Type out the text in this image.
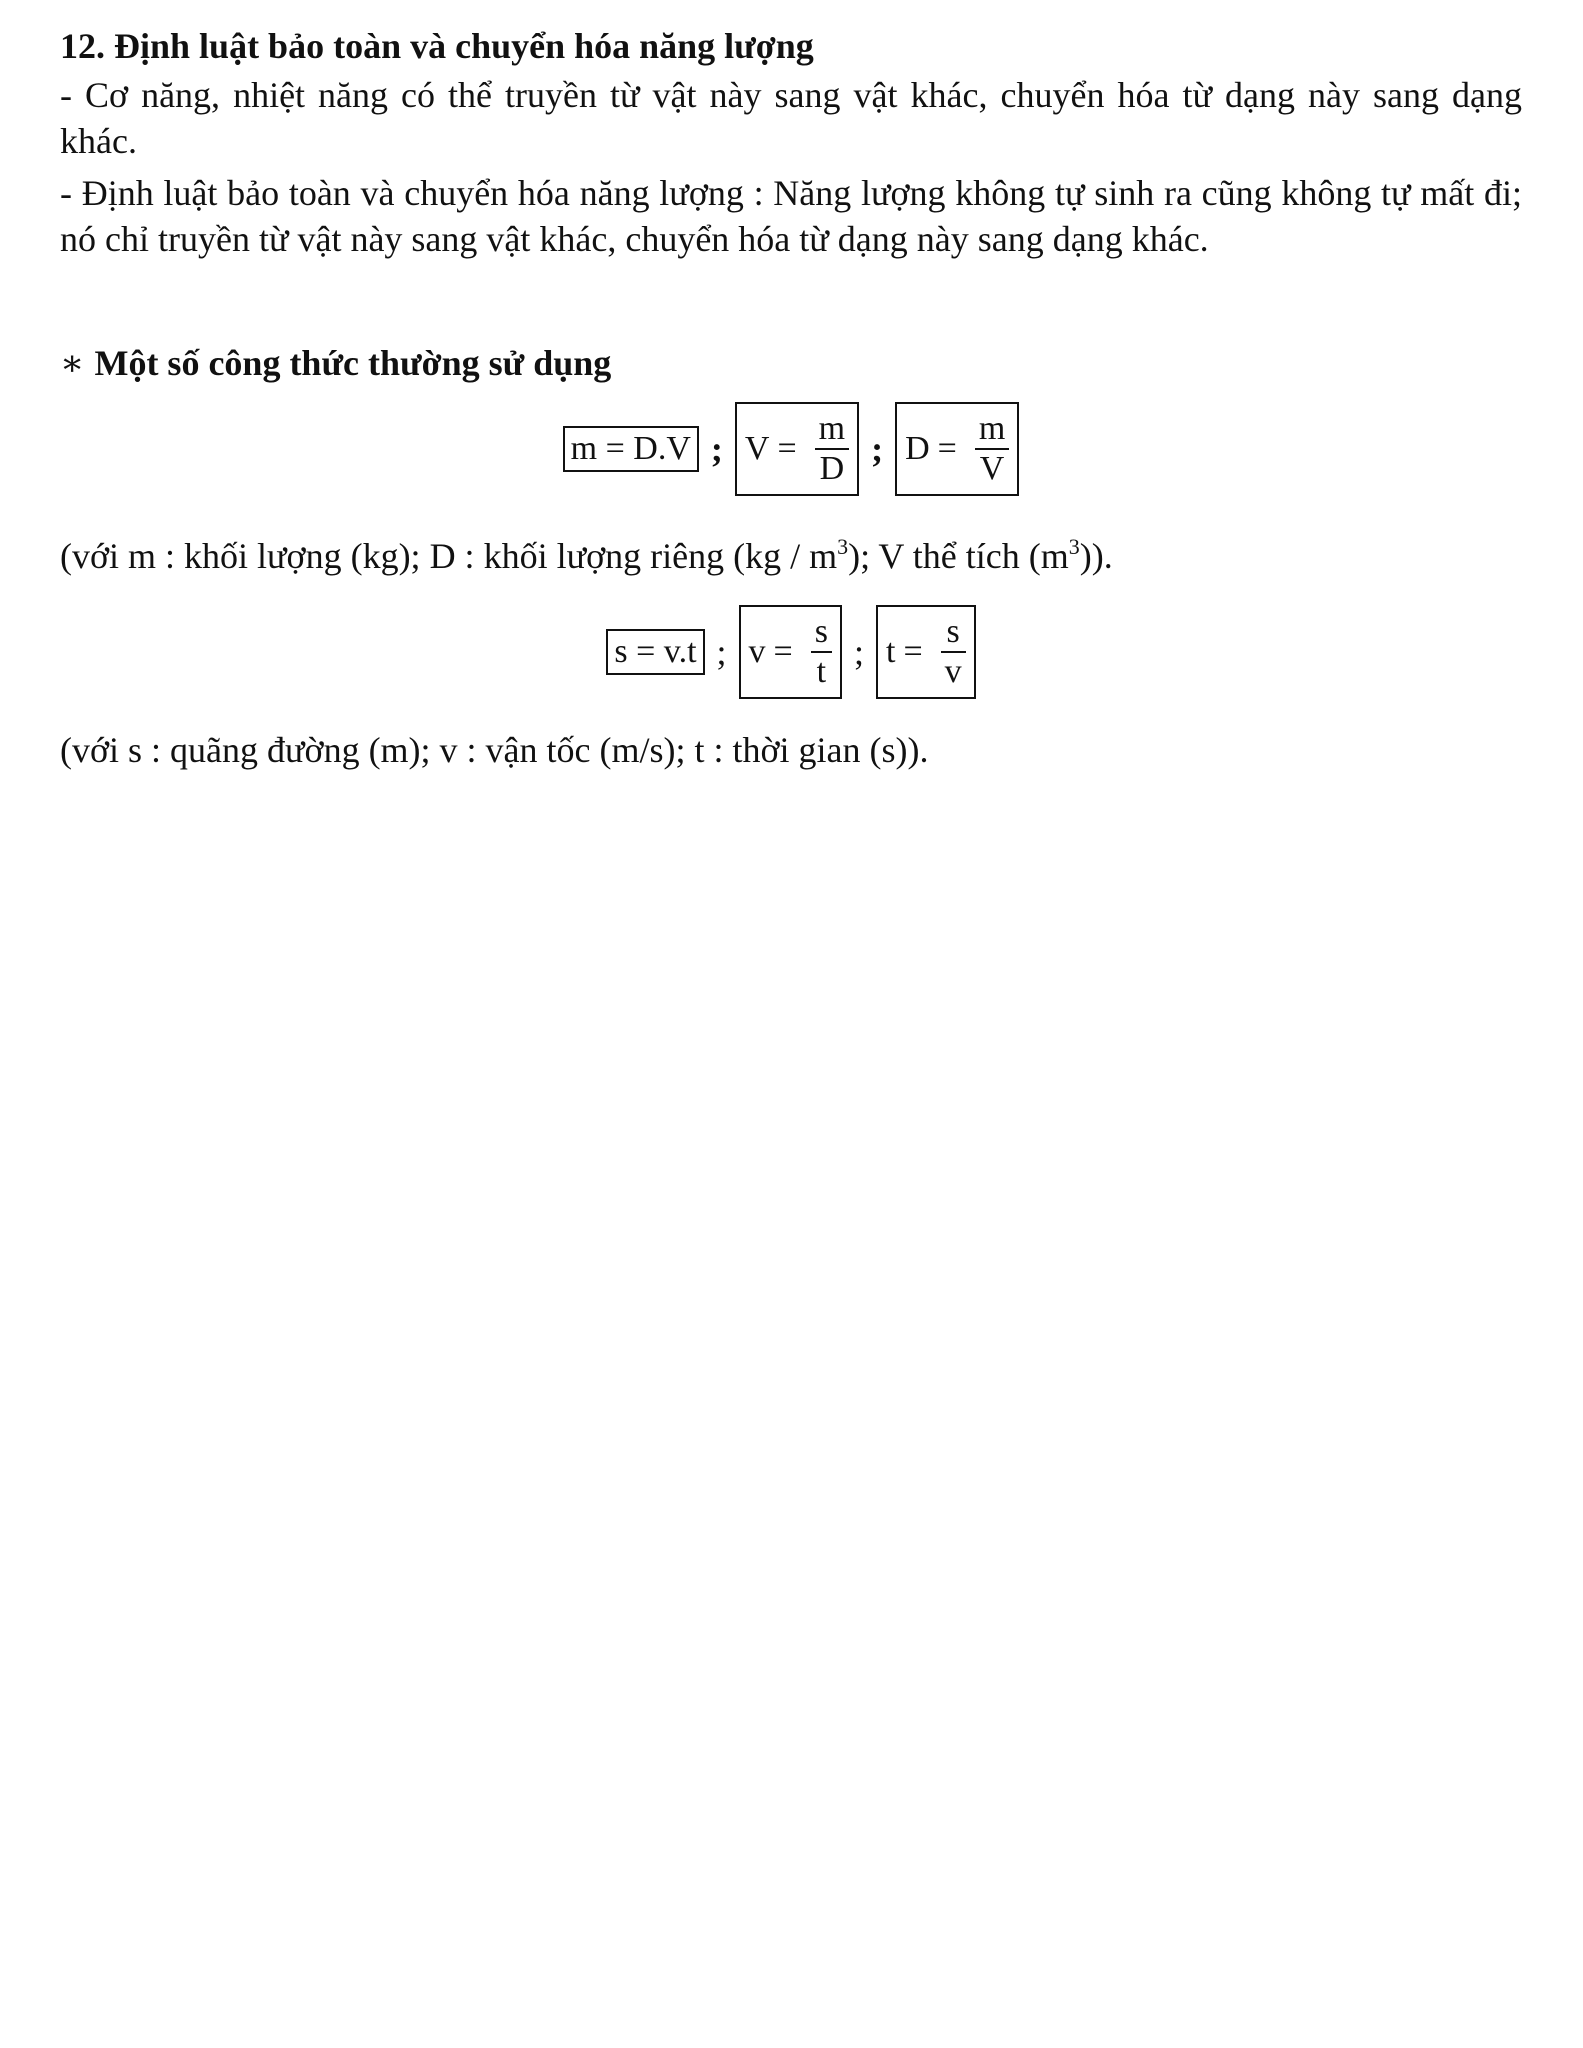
12. Định luật bảo toàn và chuyển hóa năng lượng

- Cơ năng, nhiệt năng có thể truyền từ vật này sang vật khác, chuyển hóa từ dạng này sang dạng khác.

- Định luật bảo toàn và chuyển hóa năng lượng : Năng lượng không tự sinh ra cũng không tự mất đi; nó chỉ truyền từ vật này sang vật khác, chuyển hóa từ dạng này sang dạng khác.

∗ Một số công thức thường sử dụng

m = D.V ; $V = \frac{m}{D}$ ; $D = \frac{m}{V}$

(với m : khối lượng (kg); D : khối lượng riêng $(kg / m^3)$; V thể tích $(m^3)$).

s = v.t ; $v = \frac{s}{t}$ ; $t = \frac{s}{v}$

(với s : quãng đường (m); v : vận tốc (m/s); t : thời gian (s)).
